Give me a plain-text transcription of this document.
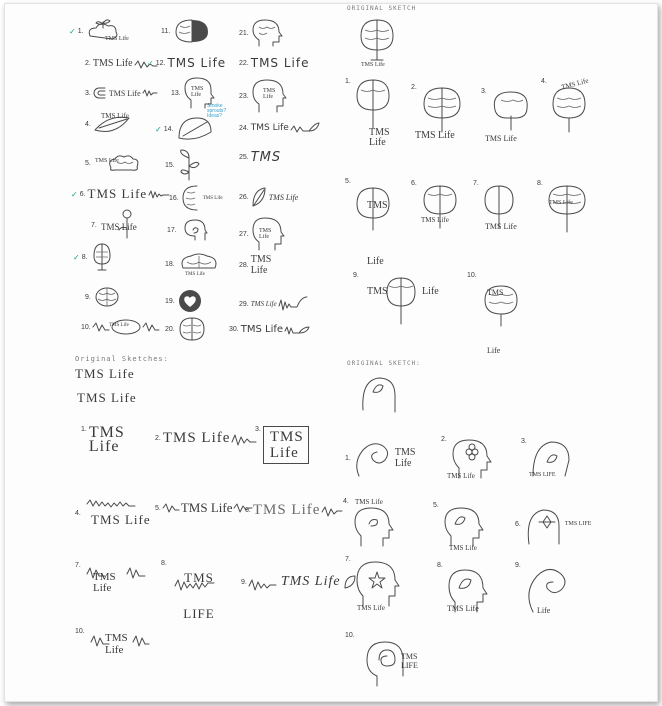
✓ 1.
TMS Life
2. TMS Life
3. TMS Life
4.
TMS Life
5. TMS Life
✓ 6. TMS Life
7. TMS Life
✓ 8.
9.
10.	TMS Life
11.
✓ 12. TMS Life
13.
TMS Life
✓ 14.
15.
16.	TMS Life
17.
18.
TMS Life
19.
20.
21.
22. TMS Life
23.
TMS Life
24. TMS Life
25. TMS
26.	TMS Life
27. TMS Life
28. TMS Life
29. TMS Life
30. TMS Life
Smoke sprouts? Ideas?
ORIGINAL SKETCH
TMS Life
1.
TMS Life
2.
TMS Life
3.
TMS Life
4. TMS Life
5.
TMS Life
6.
TMS Life
7.
TMS Life
8.
TMS Life
9.
TMS Life
10.
TMS Life
Original Sketches:
TMS Life
TMS Life
1. TMS Life	2. TMS Life
3. TMS Life
4. TMS Life
5. TMS Life 6. TMS Life
7.
TMS Life
8.
TMS LIFE
9. TMS Life
10.
TMS Life
ORIGINAL SKETCH:
1.	TMS Life
2.
TMS Life
3.
TMS LIFE
4. TMS Life	5.
TMS Life
6.	TMS LIFE
7.
TMS Life
8.
TMS Life
9.
Life
10.
TMS LIFE
